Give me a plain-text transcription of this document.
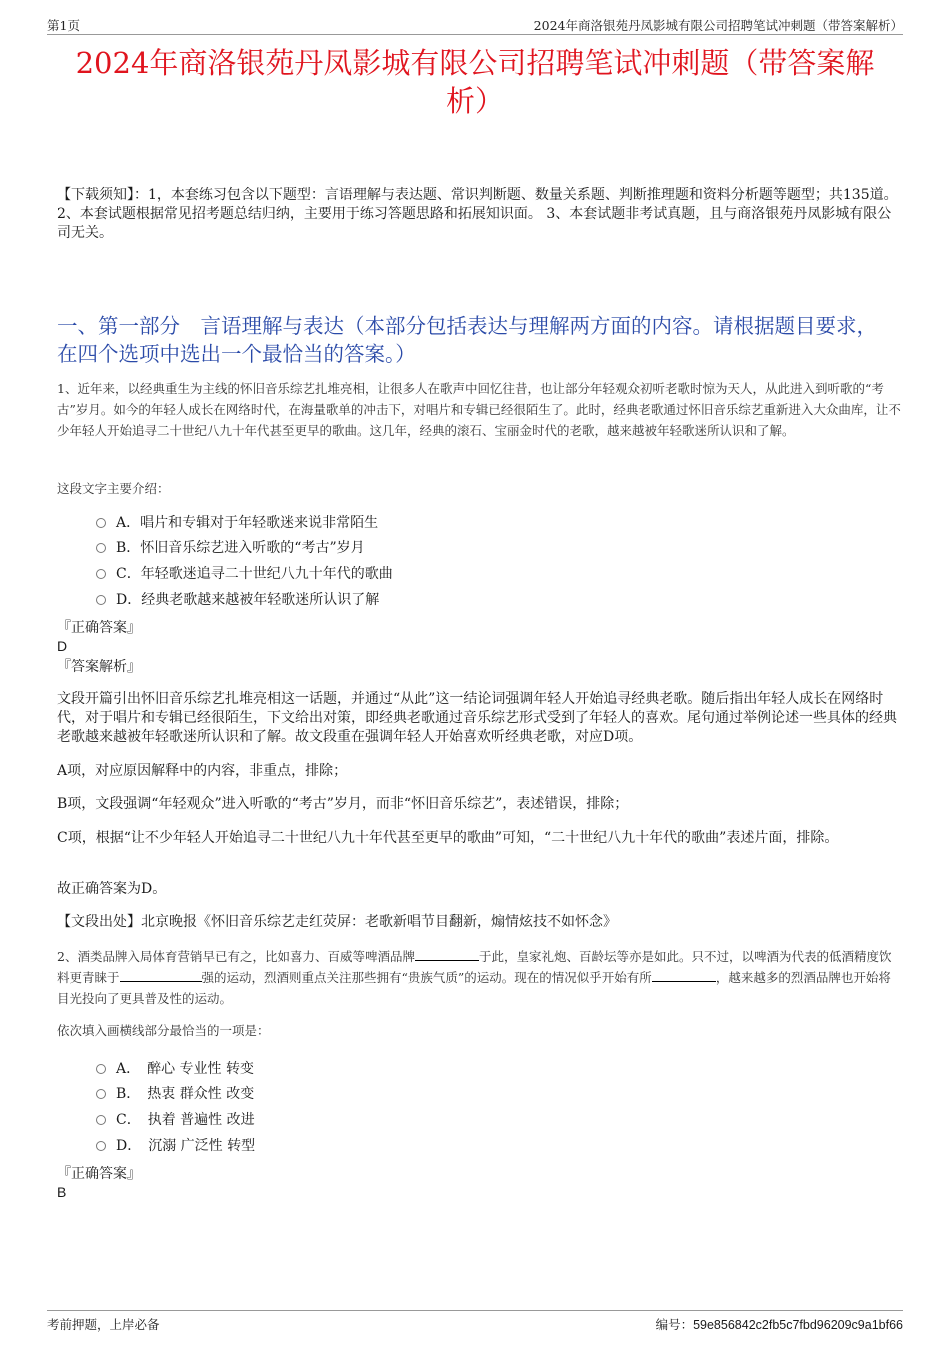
第1页	2024年商洛银苑丹凤影城有限公司招聘笔试冲刺题（带答案解析）
2024年商洛银苑丹凤影城有限公司招聘笔试冲刺题（带答案解
析）
【下载须知】：1，本套练习包含以下题型：言语理解与表达题、常识判断题、数量关系题、判断推理题和资料分析题等题型；共135道。 2、本套试题根据常见招考题总结归纳，主要用于练习答题思路和拓展知识面。 3、本套试题非考试真题，且与商洛银苑丹凤影城有限公司无关。
一、第一部分　言语理解与表达（本部分包括表达与理解两方面的内容。请根据题目要求，在四个选项中选出一个最恰当的答案。）
1、近年来，以经典重生为主线的怀旧音乐综艺扎堆亮相，让很多人在歌声中回忆往昔，也让部分年轻观众初听老歌时惊为天人，从此进入到听歌的“考古”岁月。如今的年轻人成长在网络时代，在海量歌单的冲击下，对唱片和专辑已经很陌生了。此时，经典老歌通过怀旧音乐综艺重新进入大众曲库，让不少年轻人开始追寻二十世纪八九十年代甚至更早的歌曲。这几年，经典的滚石、宝丽金时代的老歌，越来越被年轻歌迷所认识和了解。
这段文字主要介绍：
A．唱片和专辑对于年轻歌迷来说非常陌生
B．怀旧音乐综艺进入听歌的“考古”岁月
C．年轻歌迷追寻二十世纪八九十年代的歌曲
D．经典老歌越来越被年轻歌迷所认识了解
『正确答案』
D
『答案解析』
文段开篇引出怀旧音乐综艺扎堆亮相这一话题，并通过“从此”这一结论词强调年轻人开始追寻经典老歌。随后指出年轻人成长在网络时代，对于唱片和专辑已经很陌生，下文给出对策，即经典老歌通过音乐综艺形式受到了年轻人的喜欢。尾句通过举例论述一些具体的经典老歌越来越被年轻歌迷所认识和了解。故文段重在强调年轻人开始喜欢听经典老歌，对应D项。
A项，对应原因解释中的内容，非重点，排除；
B项，文段强调“年轻观众”进入听歌的“考古”岁月，而非“怀旧音乐综艺”，表述错误，排除；
C项，根据“让不少年轻人开始追寻二十世纪八九十年代甚至更早的歌曲”可知，“二十世纪八九十年代的歌曲”表述片面，排除。
故正确答案为D。
【文段出处】北京晚报《怀旧音乐综艺走红荧屏：老歌新唱节目翻新，煽情炫技不如怀念》
2、酒类品牌入局体育营销早已有之，比如喜力、百威等啤酒品牌	于此，皇家礼炮、百龄坛等亦是如此。只不过，以啤酒为代表的低酒精度饮料更青睐于	强的运动，烈酒则重点关注那些拥有“贵族气质”的运动。现在的情况似乎开始有所	，越来越多的烈酒品牌也开始将目光投向了更具普及性的运动。
依次填入画横线部分最恰当的一项是：
A．　醉心 专业性 转变
B．　热衷 群众性 改变
C．　执着 普遍性 改进
D．　沉溺 广泛性 转型
『正确答案』
B
考前押题，上岸必备	编号：59e856842c2fb5c7fbd96209c9a1bf66
